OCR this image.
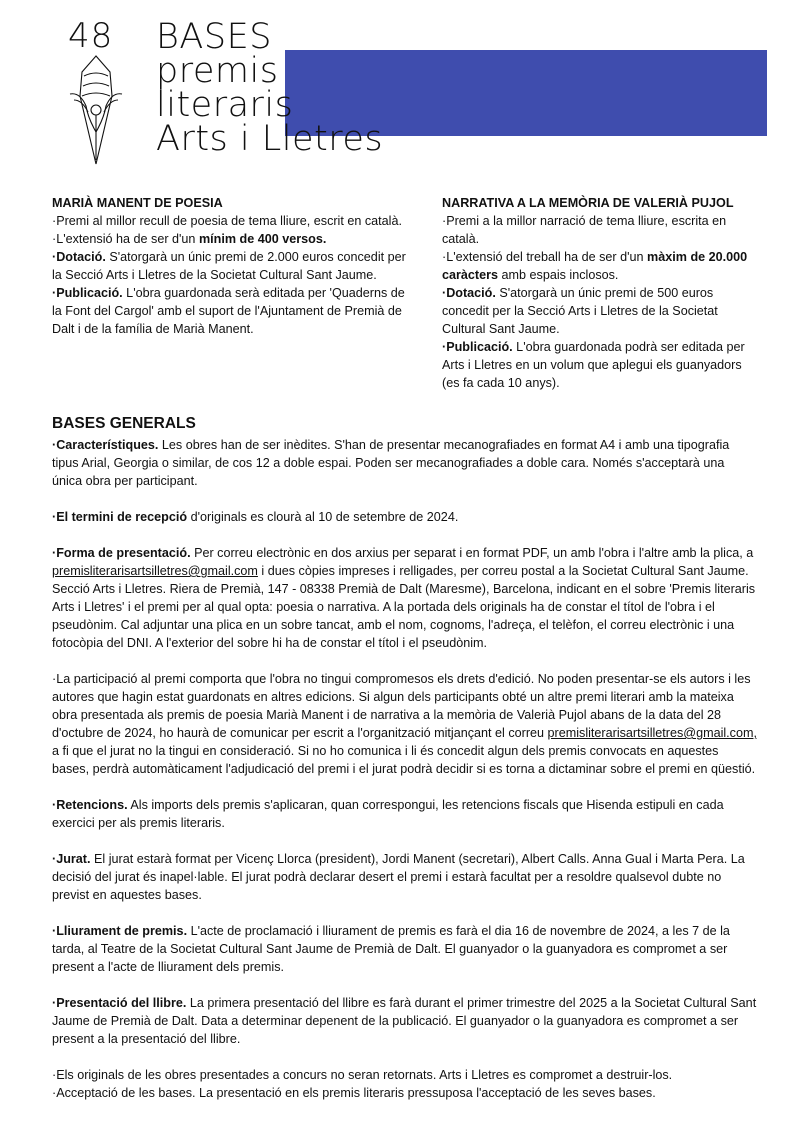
48 BASES
premis
literaris
Arts i Lletres
MARIÀ MANENT DE POESIA

·Premi al millor recull de poesia de tema lliure, escrit en català.

·L'extensió ha de ser d'un mínim de 400 versos.

·Dotació. S'atorgarà un únic premi de 2.000 euros concedit per la Secció Arts i Lletres de la Societat Cultural Sant Jaume.

·Publicació. L'obra guardonada serà editada per 'Quaderns de la Font del Cargol' amb el suport de l'Ajuntament de Premià de Dalt i de la família de Marià Manent.

NARRATIVA A LA MEMÒRIA DE VALERIÀ PUJOL

·Premi a la millor narració de tema lliure, escrita en català.

·L'extensió del treball ha de ser d'un màxim de 20.000 caràcters amb espais inclosos.

·Dotació. S'atorgarà un únic premi de 500 euros concedit per la Secció Arts i Lletres de la Societat Cultural Sant Jaume.

·Publicació. L'obra guardonada podrà ser editada per Arts i Lletres en un volum que aplegui els guanyadors (es fa cada 10 anys).

BASES GENERALS

·Característiques. Les obres han de ser inèdites. S'han de presentar mecanografiades en format A4 i amb una tipografia tipus Arial, Georgia o similar, de cos 12 a doble espai. Poden ser mecanografiades a doble cara. Només s'acceptarà una única obra per participant.

·El termini de recepció d'originals es clourà al 10 de setembre de 2024.

·Forma de presentació. Per correu electrònic en dos arxius per separat i en format PDF, un amb l'obra i l'altre amb la plica, a premisliterarisartsilletres@gmail.com i dues còpies impreses i relligades, per correu postal a la Societat Cultural Sant Jaume. Secció Arts i Lletres. Riera de Premià, 147 - 08338 Premià de Dalt (Maresme), Barcelona, indicant en el sobre 'Premis literaris Arts i Lletres' i el premi per al qual opta: poesia o narrativa. A la portada dels originals ha de constar el títol de l'obra i el pseudònim. Cal adjuntar una plica en un sobre tancat, amb el nom, cognoms, l'adreça, el telèfon, el correu electrònic i una fotocòpia del DNI. A l'exterior del sobre hi ha de constar el títol i el pseudònim.

·La participació al premi comporta que l'obra no tingui compromesos els drets d'edició. No poden presentar-se els autors i les autores que hagin estat guardonats en altres edicions. Si algun dels participants obté un altre premi literari amb la mateixa obra presentada als premis de poesia Marià Manent i de narrativa a la memòria de Valerià Pujol abans de la data del 28 d'octubre de 2024, ho haurà de comunicar per escrit a l'organització mitjançant el correu premisliterarisartsilletres@gmail.com, a fi que el jurat no la tingui en consideració. Si no ho comunica i li és concedit algun dels premis convocats en aquestes bases, perdrà automàticament l'adjudicació del premi i el jurat podrà decidir si es torna a dictaminar sobre el premi en qüestió.

·Retencions. Als imports dels premis s'aplicaran, quan correspongui, les retencions fiscals que Hisenda estipuli en cada exercici per als premis literaris.

·Jurat. El jurat estarà format per Vicenç Llorca (president), Jordi Manent (secretari), Albert Calls. Anna Gual i Marta Pera. La decisió del jurat és inapel·lable. El jurat podrà declarar desert el premi i estarà facultat per a resoldre qualsevol dubte no previst en aquestes bases.

·Lliurament de premis. L'acte de proclamació i lliurament de premis es farà el dia 16 de novembre de 2024, a les 7 de la tarda, al Teatre de la Societat Cultural Sant Jaume de Premià de Dalt. El guanyador o la guanyadora es compromet a ser present a l'acte de lliurament dels premis.

·Presentació del llibre. La primera presentació del llibre es farà durant el primer trimestre del 2025 a la Societat Cultural Sant Jaume de Premià de Dalt. Data a determinar depenent de la publicació. El guanyador o la guanyadora es compromet a ser present a la presentació del llibre.

·Els originals de les obres presentades a concurs no seran retornats. Arts i Lletres es compromet a destruir-los.

·Acceptació de les bases. La presentació en els premis literaris pressuposa l'acceptació de les seves bases.
